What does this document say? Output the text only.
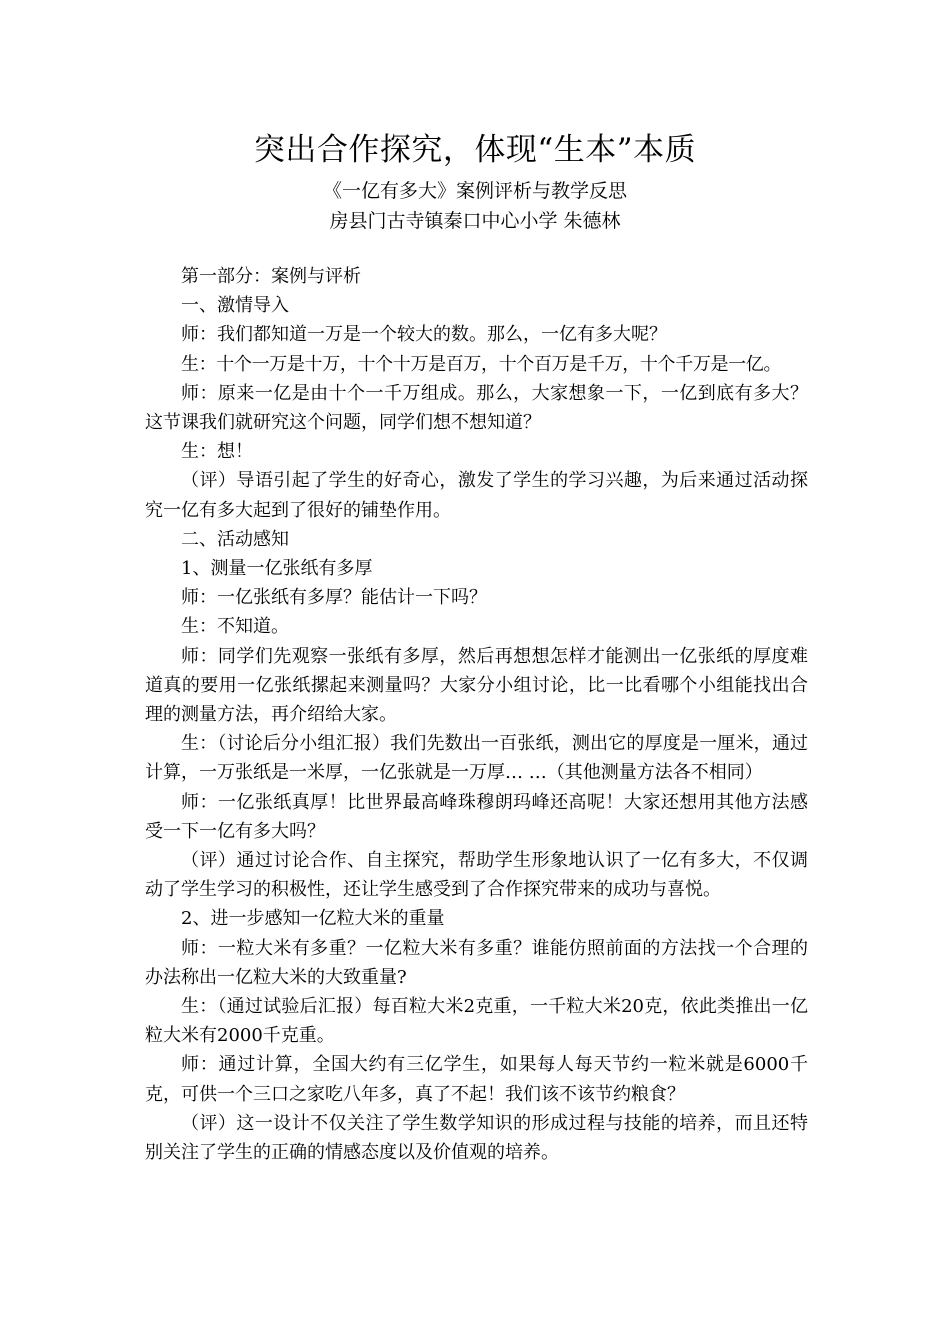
突出合作探究，体现“生本”本质
《一亿有多大》案例评析与教学反思
房县门古寺镇秦口中心小学 朱德林

第一部分：案例与评析

一、激情导入

师：我们都知道一万是一个较大的数。那么，一亿有多大呢？

生：十个一万是十万，十个十万是百万，十个百万是千万，十个千万是一亿。

师：原来一亿是由十个一千万组成。那么，大家想象一下，一亿到底有多大？这节课我们就研究这个问题，同学们想不想知道？

生：想！

（评）导语引起了学生的好奇心，激发了学生的学习兴趣，为后来通过活动探究一亿有多大起到了很好的铺垫作用。

二、活动感知

1、测量一亿张纸有多厚

师：一亿张纸有多厚？能估计一下吗？

生：不知道。

师：同学们先观察一张纸有多厚，然后再想想怎样才能测出一亿张纸的厚度难道真的要用一亿张纸摞起来测量吗？大家分小组讨论，比一比看哪个小组能找出合理的测量方法，再介绍给大家。

生：（讨论后分小组汇报）我们先数出一百张纸，测出它的厚度是一厘米，通过计算，一万张纸是一米厚，一亿张就是一万厚… …（其他测量方法各不相同）

师：一亿张纸真厚！比世界最高峰珠穆朗玛峰还高呢！大家还想用其他方法感受一下一亿有多大吗？

（评）通过讨论合作、自主探究，帮助学生形象地认识了一亿有多大，不仅调动了学生学习的积极性，还让学生感受到了合作探究带来的成功与喜悦。

2、进一步感知一亿粒大米的重量

师：一粒大米有多重？一亿粒大米有多重？谁能仿照前面的方法找一个合理的办法称出一亿粒大米的大致重量?

生：（通过试验后汇报）每百粒大米2克重，一千粒大米20克，依此类推出一亿粒大米有2000千克重。

师：通过计算，全国大约有三亿学生，如果每人每天节约一粒米就是6000千克，可供一个三口之家吃八年多，真了不起！我们该不该节约粮食？

（评）这一设计不仅关注了学生数学知识的形成过程与技能的培养，而且还特别关注了学生的正确的情感态度以及价值观的培养。
